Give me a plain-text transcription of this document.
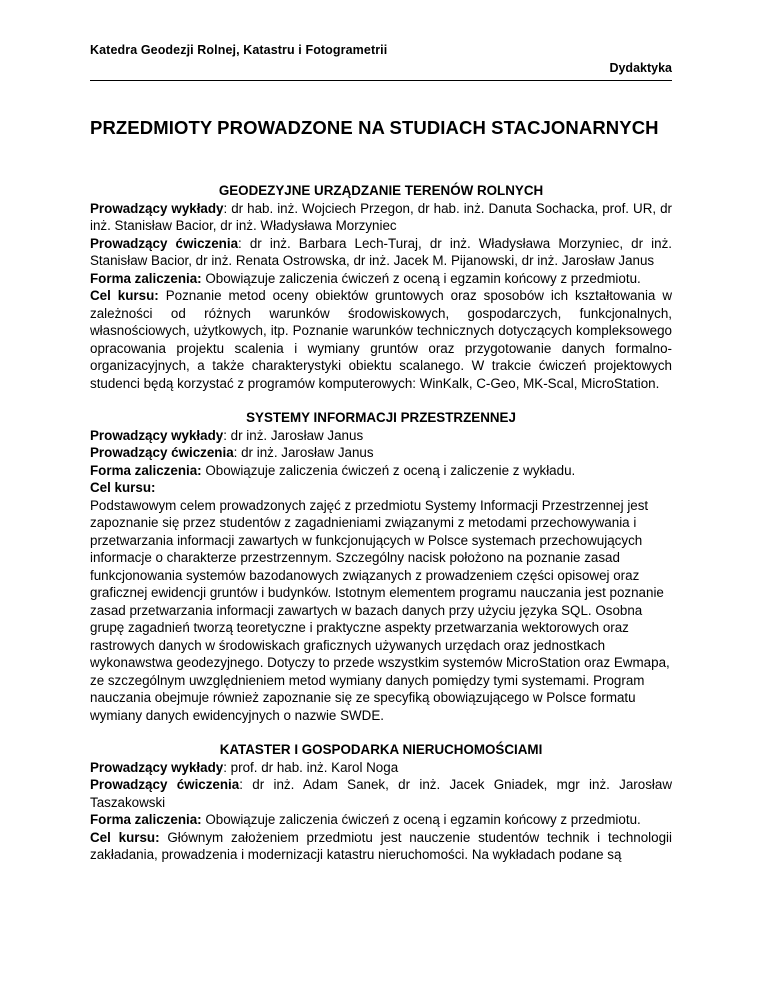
Katedra Geodezji Rolnej, Katastru i Fotogrametrii
Dydaktyka
PRZEDMIOTY PROWADZONE NA STUDIACH STACJONARNYCH

GEODEZYJNE URZĄDZANIE TERENÓW ROLNYCH

Prowadzący wykłady: dr hab. inż. Wojciech Przegon, dr hab. inż. Danuta Sochacka, prof. UR, dr inż. Stanisław Bacior, dr inż. Władysława Morzyniec

Prowadzący ćwiczenia: dr inż. Barbara Lech-Turaj, dr inż. Władysława Morzyniec, dr inż. Stanisław Bacior, dr inż. Renata Ostrowska, dr inż. Jacek M. Pijanowski, dr inż. Jarosław Janus

Forma zaliczenia: Obowiązuje zaliczenia ćwiczeń z oceną i egzamin końcowy z przedmiotu.

Cel kursu: Poznanie metod oceny obiektów gruntowych oraz sposobów ich kształtowania w zależności od różnych warunków środowiskowych, gospodarczych, funkcjonalnych, własnościowych, użytkowych, itp. Poznanie warunków technicznych dotyczących kompleksowego opracowania projektu scalenia i wymiany gruntów oraz przygotowanie danych formalno-organizacyjnych, a także charakterystyki obiektu scalanego. W trakcie ćwiczeń projektowych studenci będą korzystać z programów komputerowych: WinKalk, C-Geo, MK-Scal, MicroStation.

SYSTEMY INFORMACJI PRZESTRZENNEJ

Prowadzący wykłady: dr inż. Jarosław Janus

Prowadzący ćwiczenia: dr inż. Jarosław Janus

Forma zaliczenia: Obowiązuje zaliczenia ćwiczeń z oceną i zaliczenie z wykładu.

Cel kursu:

Podstawowym celem prowadzonych zajęć z przedmiotu Systemy Informacji Przestrzennej jest zapoznanie się przez studentów z zagadnieniami związanymi z metodami przechowywania i przetwarzania informacji zawartych w funkcjonujących w Polsce systemach przechowujących informacje o charakterze przestrzennym. Szczególny nacisk położono na poznanie zasad funkcjonowania systemów bazodanowych związanych z prowadzeniem części opisowej oraz graficznej ewidencji gruntów i budynków. Istotnym elementem programu nauczania jest poznanie zasad przetwarzania informacji zawartych w bazach danych przy użyciu języka SQL. Osobna grupę zagadnień tworzą teoretyczne i praktyczne aspekty przetwarzania wektorowych oraz rastrowych danych w środowiskach graficznych używanych urzędach oraz jednostkach wykonawstwa geodezyjnego. Dotyczy to przede wszystkim systemów MicroStation oraz Ewmapa, ze szczególnym uwzględnieniem metod wymiany danych pomiędzy tymi systemami. Program nauczania obejmuje również zapoznanie się ze specyfiką obowiązującego w Polsce formatu wymiany danych ewidencyjnych o nazwie SWDE.

KATASTER I GOSPODARKA NIERUCHOMOŚCIAMI

Prowadzący wykłady: prof. dr hab. inż. Karol Noga

Prowadzący ćwiczenia: dr inż. Adam Sanek, dr inż. Jacek Gniadek, mgr inż. Jarosław Taszakowski

Forma zaliczenia: Obowiązuje zaliczenia ćwiczeń z oceną i egzamin końcowy z przedmiotu.

Cel kursu: Głównym założeniem przedmiotu jest nauczenie studentów technik i technologii zakładania, prowadzenia i modernizacji katastru nieruchomości. Na wykładach podane są
